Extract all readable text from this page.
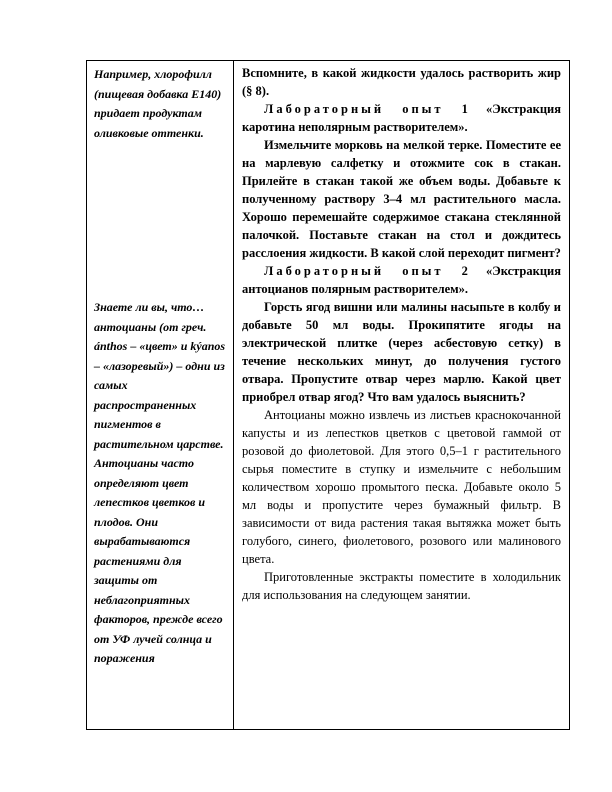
Например, хлорофилл (пищевая добавка Е140) придает продуктам оливковые оттенки.

Знаете ли вы, что… антоцианы (от греч. ánthos – «цвет» и kýanos – «лазоревый») – одни из самых распространенных пигментов в растительном царстве. Антоцианы часто определяют цвет лепестков цветков и плодов. Они вырабатываются растениями для защиты от неблагоприятных факторов, прежде всего от УФ лучей солнца и поражения

Вспомните, в какой жидкости удалось растворить жир (§ 8).

Лабораторный опыт 1 «Экстракция каротина неполярным растворителем».

Измельчите морковь на мелкой терке. Поместите ее на марлевую салфетку и отожмите сок в стакан. Прилейте в стакан такой же объем воды. Добавьте к полученному раствору 3–4 мл растительного масла. Хорошо перемешайте содержимое стакана стеклянной палочкой. Поставьте стакан на стол и дождитесь расслоения жидкости. В какой слой переходит пигмент?

Лабораторный опыт 2 «Экстракция антоцианов полярным растворителем».

Горсть ягод вишни или малины насыпьте в колбу и добавьте 50 мл воды. Прокипятите ягоды на электрической плитке (через асбестовую сетку) в течение нескольких минут, до получения густого отвара. Пропустите отвар через марлю. Какой цвет приобрел отвар ягод? Что вам удалось выяснить?

Антоцианы можно извлечь из листьев краснокочанной капусты и из лепестков цветков с цветовой гаммой от розовой до фиолетовой. Для этого 0,5–1 г растительного сырья поместите в ступку и измельчите с небольшим количеством хорошо промытого песка. Добавьте около 5 мл воды и пропустите через бумажный фильтр. В зависимости от вида растения такая вытяжка может быть голубого, синего, фиолетового, розового или малинового цвета.

Приготовленные экстракты поместите в холодильник для использования на следующем занятии.
